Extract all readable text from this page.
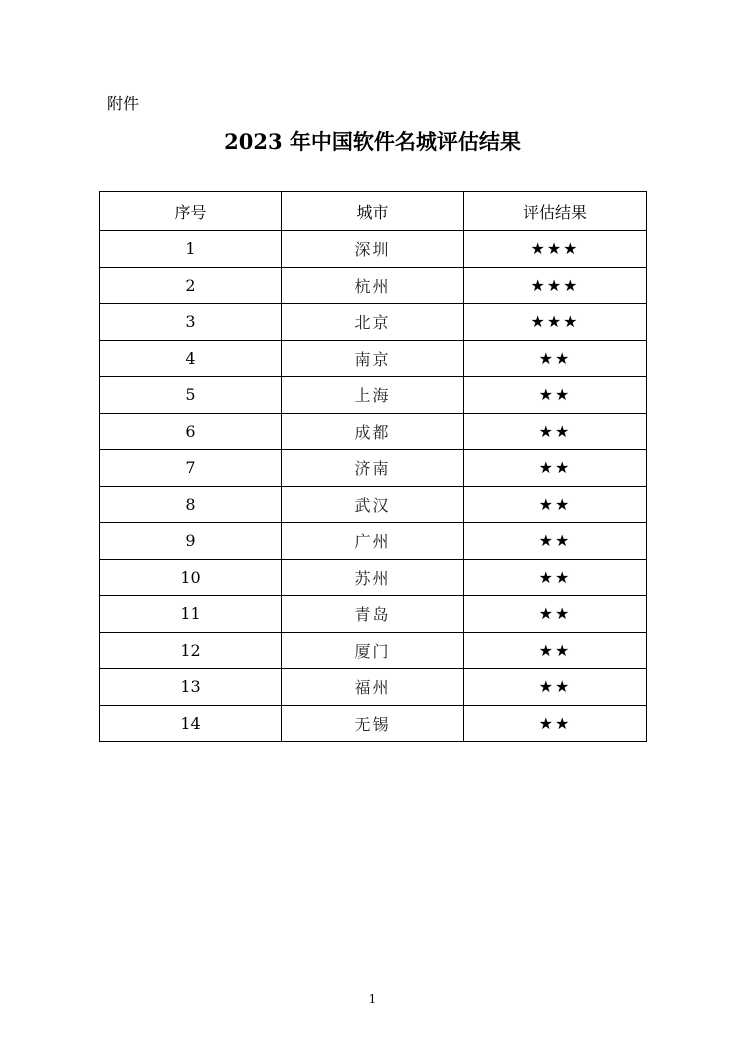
附件
2023 年中国软件名城评估结果
序号	城市	评估结果
1	深圳	★★★
2	杭州	★★★
3	北京	★★★
4	南京	★★
5	上海	★★
6	成都	★★
7	济南	★★
8	武汉	★★
9	广州	★★
10	苏州	★★
11	青岛	★★
12	厦门	★★
13	福州	★★
14	无锡	★★
1
